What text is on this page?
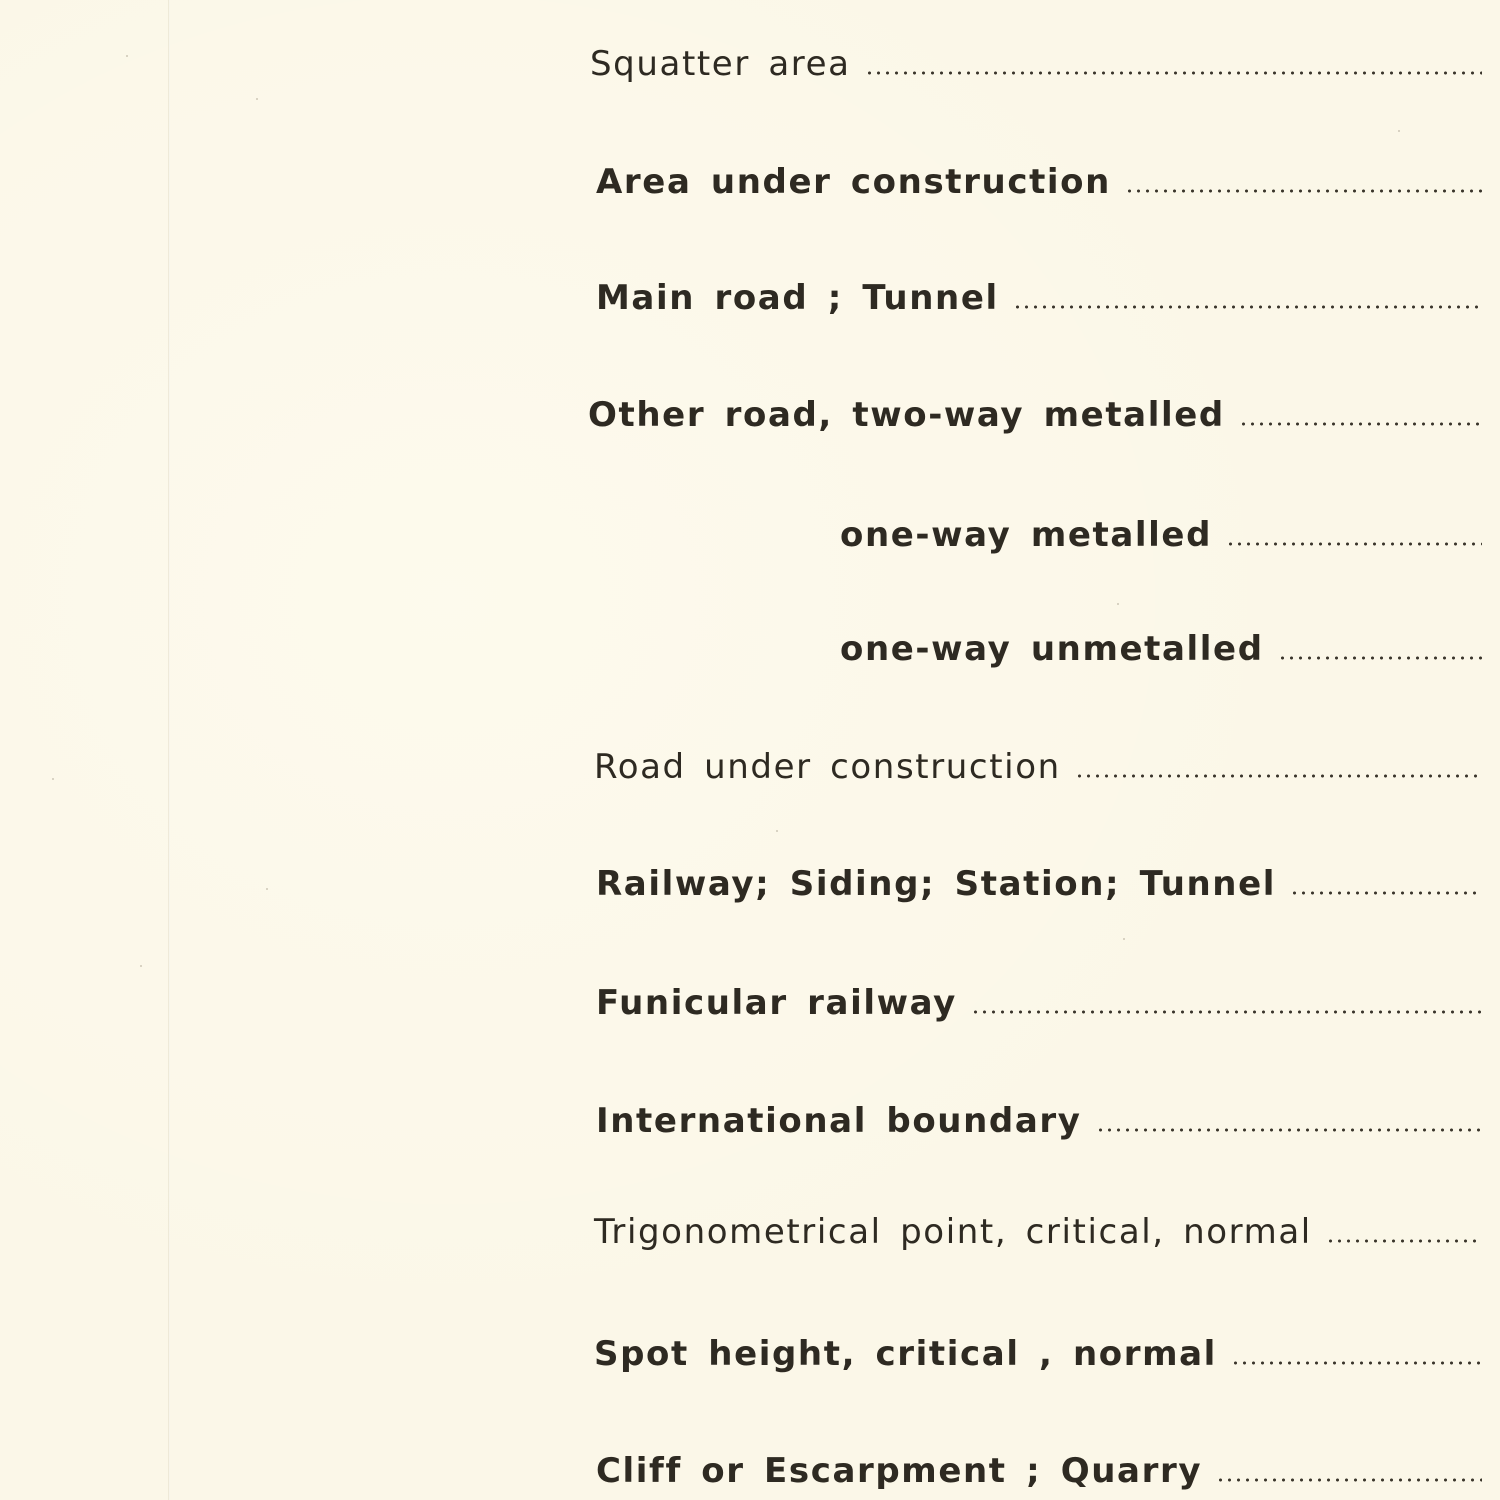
Squatter area
Area under construction
Main road ; Tunnel
Other road, two-way metalled
one-way metalled
one-way unmetalled
Road under construction
Railway; Siding; Station; Tunnel
Funicular railway
International boundary
Trigonometrical point, critical, normal
Spot height, critical , normal
Cliff or Escarpment ; Quarry
